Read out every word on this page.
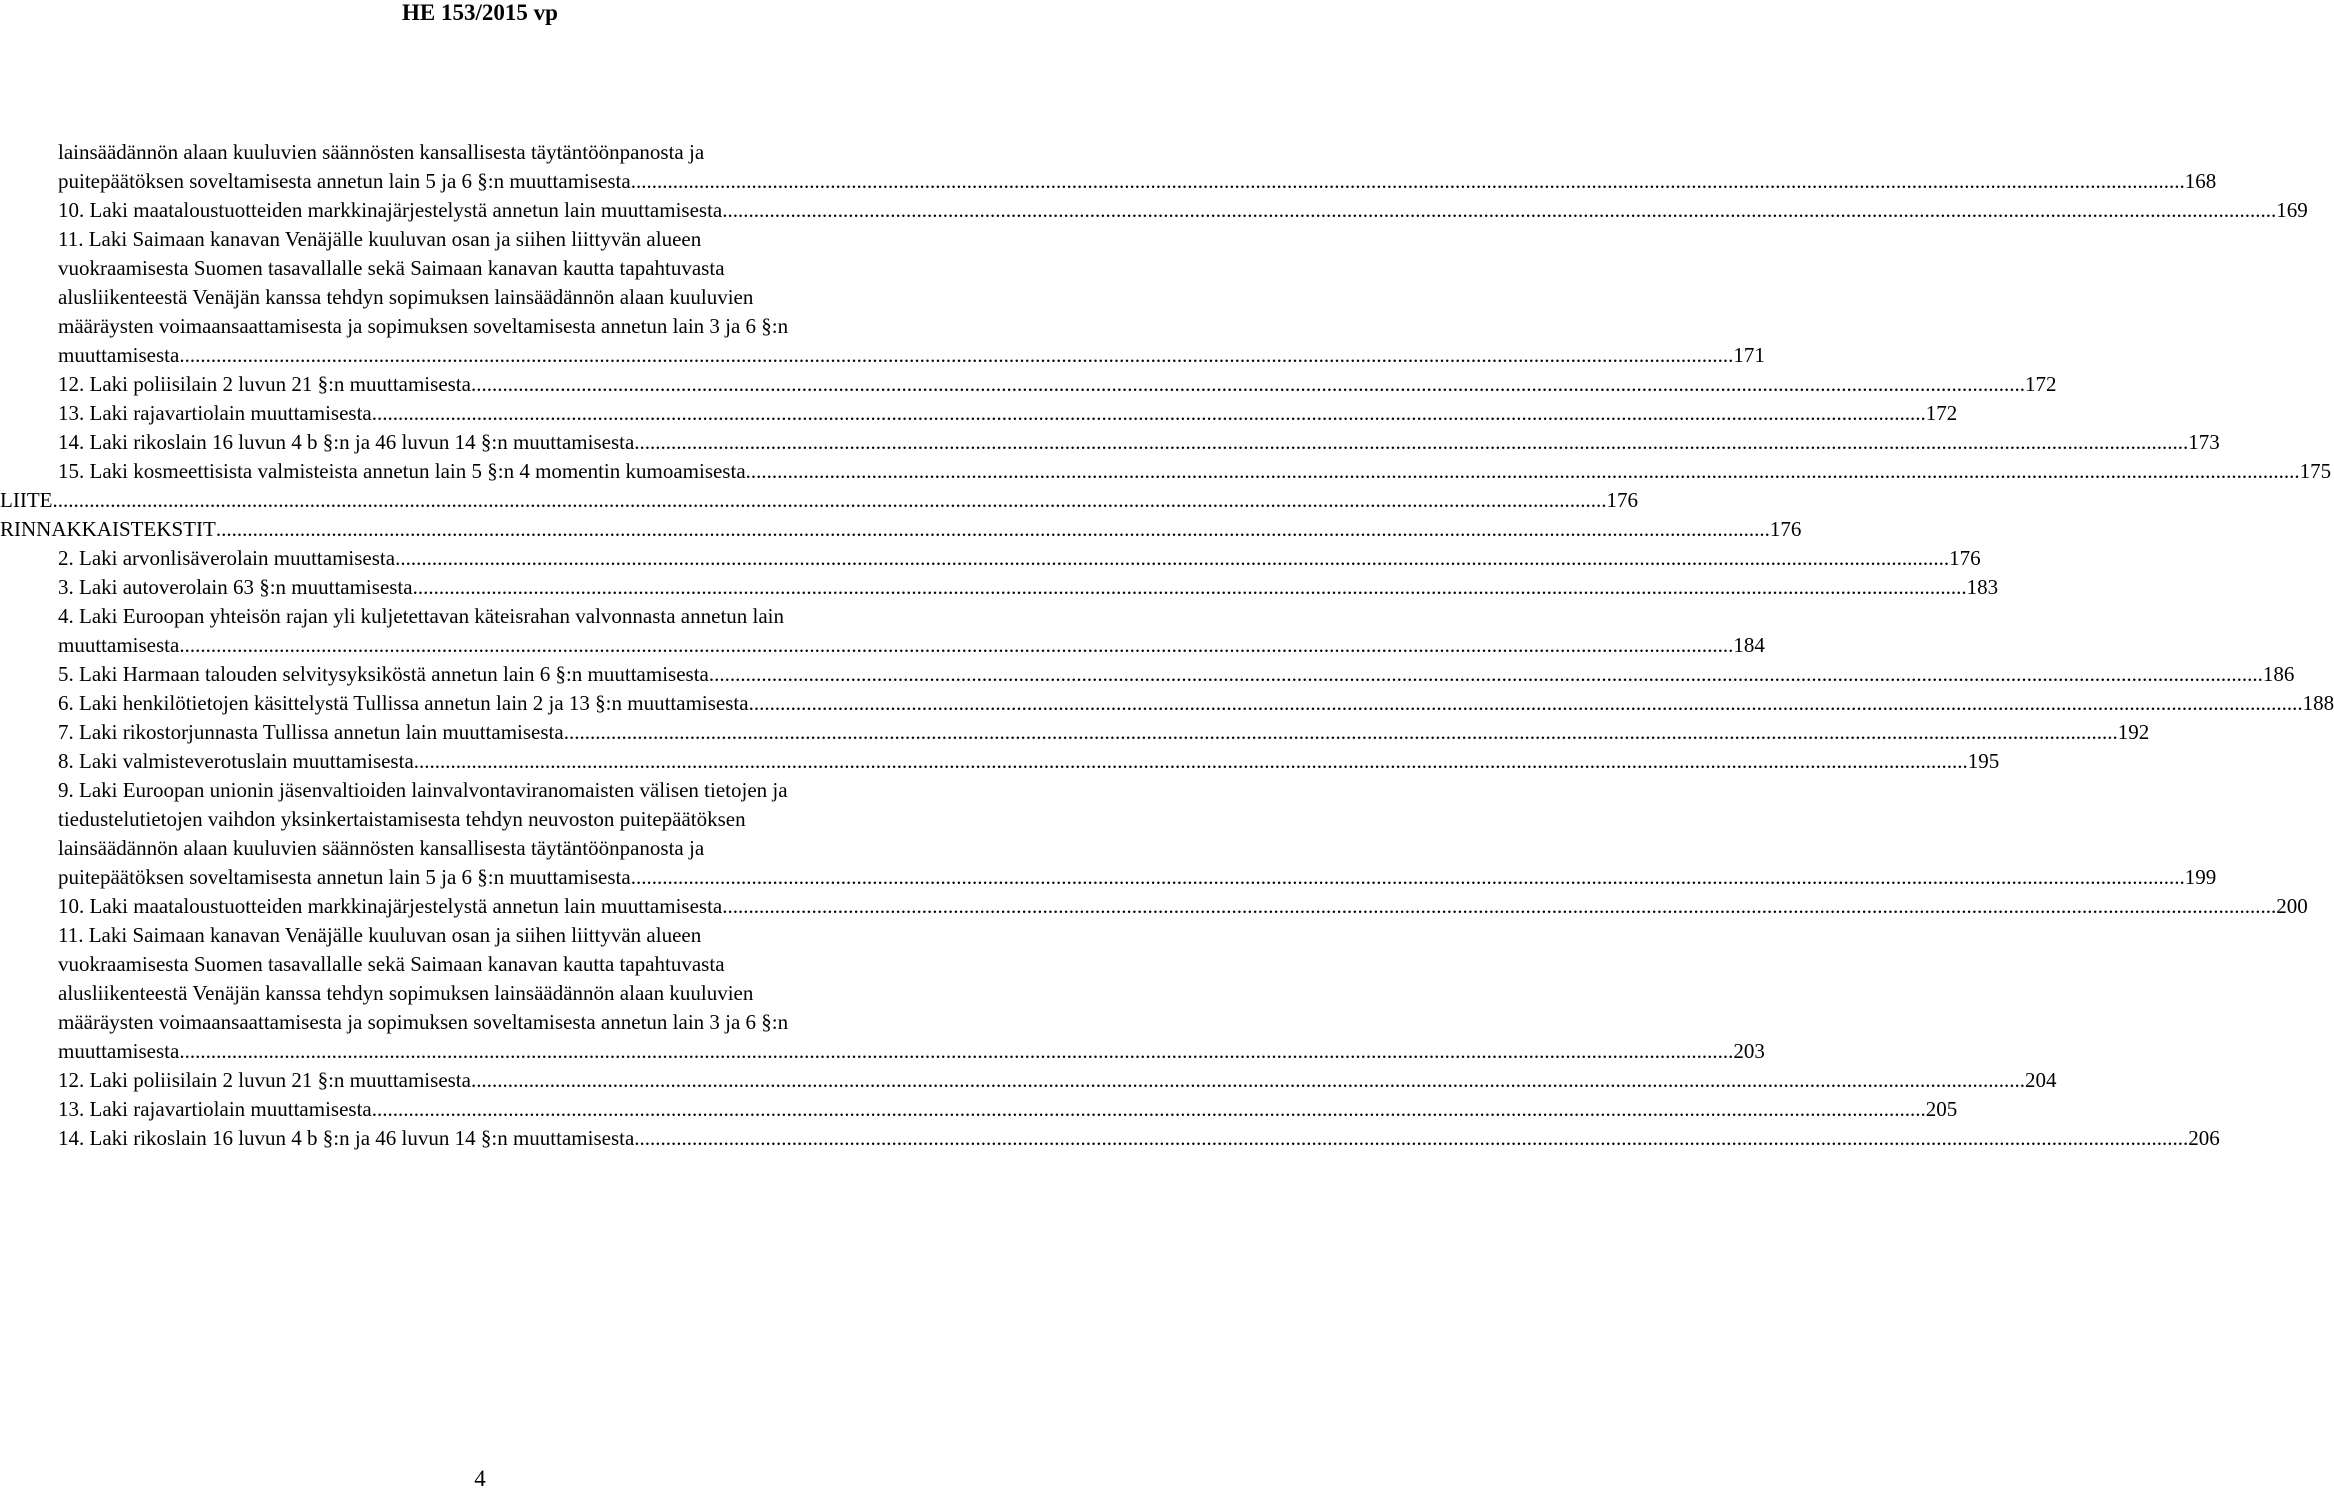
HE 153/2015 vp
lainsäädännön alaan kuuluvien säännösten kansallisesta täytäntöönpanosta ja
puitepäätöksen soveltamisesta annetun lain 5 ja 6 §:n muuttamisesta ........................................................................................................................................................................................................................................................................................................ 168
10. Laki maataloustuotteiden markkinajärjestelystä annetun lain muuttamisesta ........................................................................................................................................................................................................................................................................................................ 169
11. Laki Saimaan kanavan Venäjälle kuuluvan osan ja siihen liittyvän alueen
vuokraamisesta Suomen tasavallalle sekä Saimaan kanavan kautta tapahtuvasta
alusliikenteestä Venäjän kanssa tehdyn sopimuksen lainsäädännön alaan kuuluvien
määräysten voimaansaattamisesta ja sopimuksen soveltamisesta annetun lain 3 ja 6 §:n
muuttamisesta ........................................................................................................................................................................................................................................................................................................ 171
12. Laki poliisilain 2 luvun 21 §:n muuttamisesta ........................................................................................................................................................................................................................................................................................................ 172
13. Laki rajavartiolain muuttamisesta ........................................................................................................................................................................................................................................................................................................ 172
14. Laki rikoslain 16 luvun 4 b §:n ja 46 luvun 14 §:n muuttamisesta ........................................................................................................................................................................................................................................................................................................ 173
15. Laki kosmeettisista valmisteista annetun lain 5 §:n 4 momentin kumoamisesta ........................................................................................................................................................................................................................................................................................................ 175
LIITE ........................................................................................................................................................................................................................................................................................................ 176
RINNAKKAISTEKSTIT ........................................................................................................................................................................................................................................................................................................ 176
2. Laki arvonlisäverolain muuttamisesta ........................................................................................................................................................................................................................................................................................................ 176
3. Laki autoverolain 63 §:n muuttamisesta ........................................................................................................................................................................................................................................................................................................ 183
4. Laki Euroopan yhteisön rajan yli kuljetettavan käteisrahan valvonnasta annetun lain
muuttamisesta ........................................................................................................................................................................................................................................................................................................ 184
5. Laki Harmaan talouden selvitysyksiköstä annetun lain 6 §:n muuttamisesta ........................................................................................................................................................................................................................................................................................................ 186
6. Laki henkilötietojen käsittelystä Tullissa annetun lain 2 ja 13 §:n muuttamisesta ........................................................................................................................................................................................................................................................................................................ 188
7. Laki rikostorjunnasta Tullissa annetun lain muuttamisesta ........................................................................................................................................................................................................................................................................................................ 192
8. Laki valmisteverotuslain muuttamisesta ........................................................................................................................................................................................................................................................................................................ 195
9. Laki Euroopan unionin jäsenvaltioiden lainvalvontaviranomaisten välisen tietojen ja
tiedustelutietojen vaihdon yksinkertaistamisesta tehdyn neuvoston puitepäätöksen
lainsäädännön alaan kuuluvien säännösten kansallisesta täytäntöönpanosta ja
puitepäätöksen soveltamisesta annetun lain 5 ja 6 §:n muuttamisesta ........................................................................................................................................................................................................................................................................................................ 199
10. Laki maataloustuotteiden markkinajärjestelystä annetun lain muuttamisesta ........................................................................................................................................................................................................................................................................................................ 200
11. Laki Saimaan kanavan Venäjälle kuuluvan osan ja siihen liittyvän alueen
vuokraamisesta Suomen tasavallalle sekä Saimaan kanavan kautta tapahtuvasta
alusliikenteestä Venäjän kanssa tehdyn sopimuksen lainsäädännön alaan kuuluvien
määräysten voimaansaattamisesta ja sopimuksen soveltamisesta annetun lain 3 ja 6 §:n
muuttamisesta ........................................................................................................................................................................................................................................................................................................ 203
12. Laki poliisilain 2 luvun 21 §:n muuttamisesta ........................................................................................................................................................................................................................................................................................................ 204
13. Laki rajavartiolain muuttamisesta ........................................................................................................................................................................................................................................................................................................ 205
14. Laki rikoslain 16 luvun 4 b §:n ja 46 luvun 14 §:n muuttamisesta ........................................................................................................................................................................................................................................................................................................ 206
4
